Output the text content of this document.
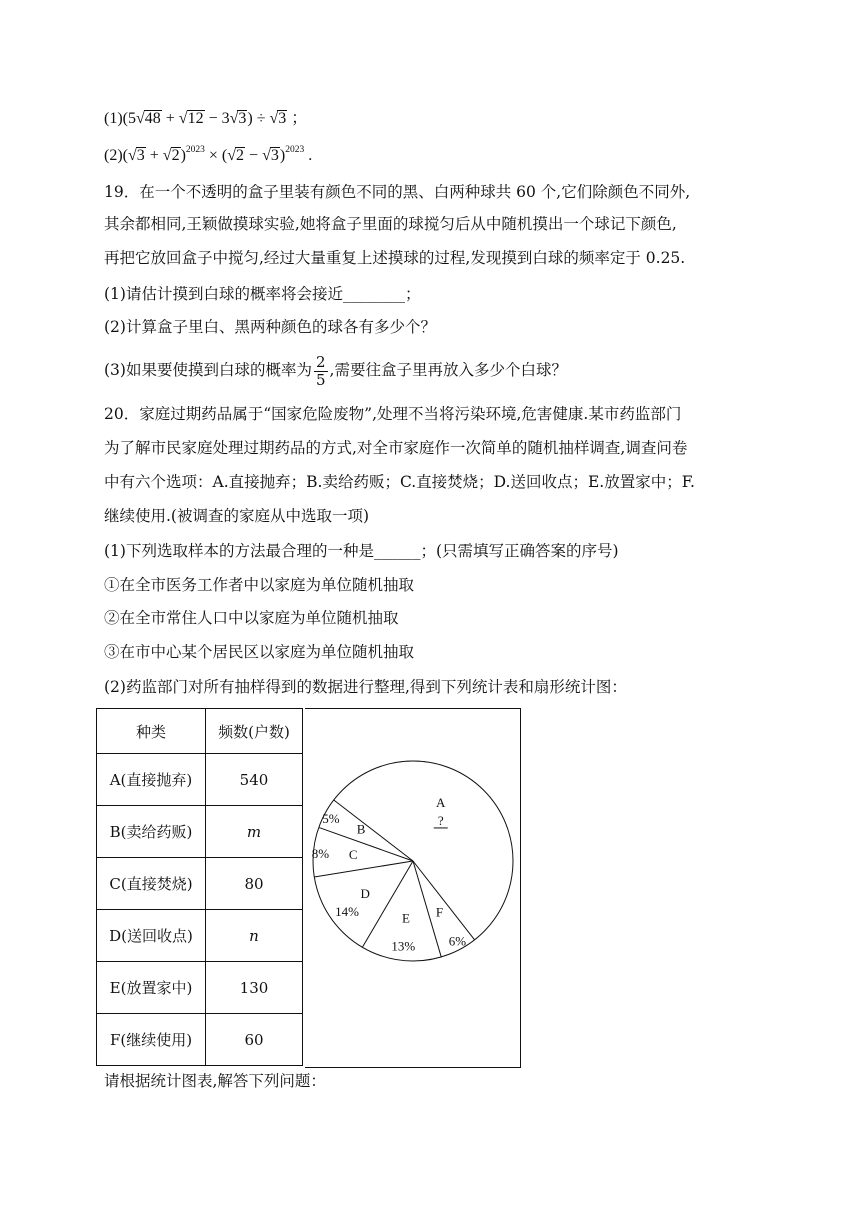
(1)(5√48 + √12 − 3√3) ÷ √3 ；
$(2)(√3 + √2)^{2023} \times (√2 - √3)^{2023}$ .
19．在一个不透明的盒子里装有颜色不同的黑、白两种球共 60 个,它们除颜色不同外,
其余都相同,王颖做摸球实验,她将盒子里面的球搅匀后从中随机摸出一个球记下颜色,
再把它放回盒子中搅匀,经过大量重复上述摸球的过程,发现摸到白球的频率定于 0.25.
(1)请估计摸到白球的概率将会接近________；
(2)计算盒子里白、黑两种颜色的球各有多少个？
(3)如果要使摸到白球的概率为 $\frac{2}{5}$ ,需要往盒子里再放入多少个白球？
20．家庭过期药品属于“国家危险废物”,处理不当将污染环境,危害健康.某市药监部门
为了解市民家庭处理过期药品的方式,对全市家庭作一次简单的随机抽样调查,调查问卷
中有六个选项：A.直接抛弃；B.卖给药贩；C.直接焚烧；D.送回收点；E.放置家中；F.
继续使用.(被调查的家庭从中选取一项)
(1)下列选取样本的方法最合理的一种是______；(只需填写正确答案的序号)
①在全市医务工作者中以家庭为单位随机抽取
②在全市常住人口中以家庭为单位随机抽取
③在市中心某个居民区以家庭为单位随机抽取
(2)药监部门对所有抽样得到的数据进行整理,得到下列统计表和扇形统计图：
种类	频数(户数)
A(直接抛弃)	540
B(卖给药贩)	m
C(直接焚烧)	80
D(送回收点)	n
E(放置家中)	130
F(继续使用)	60
F
6%
E
13%
D
14%
C
8%
B
5%
A
?
请根据统计图表,解答下列问题：
